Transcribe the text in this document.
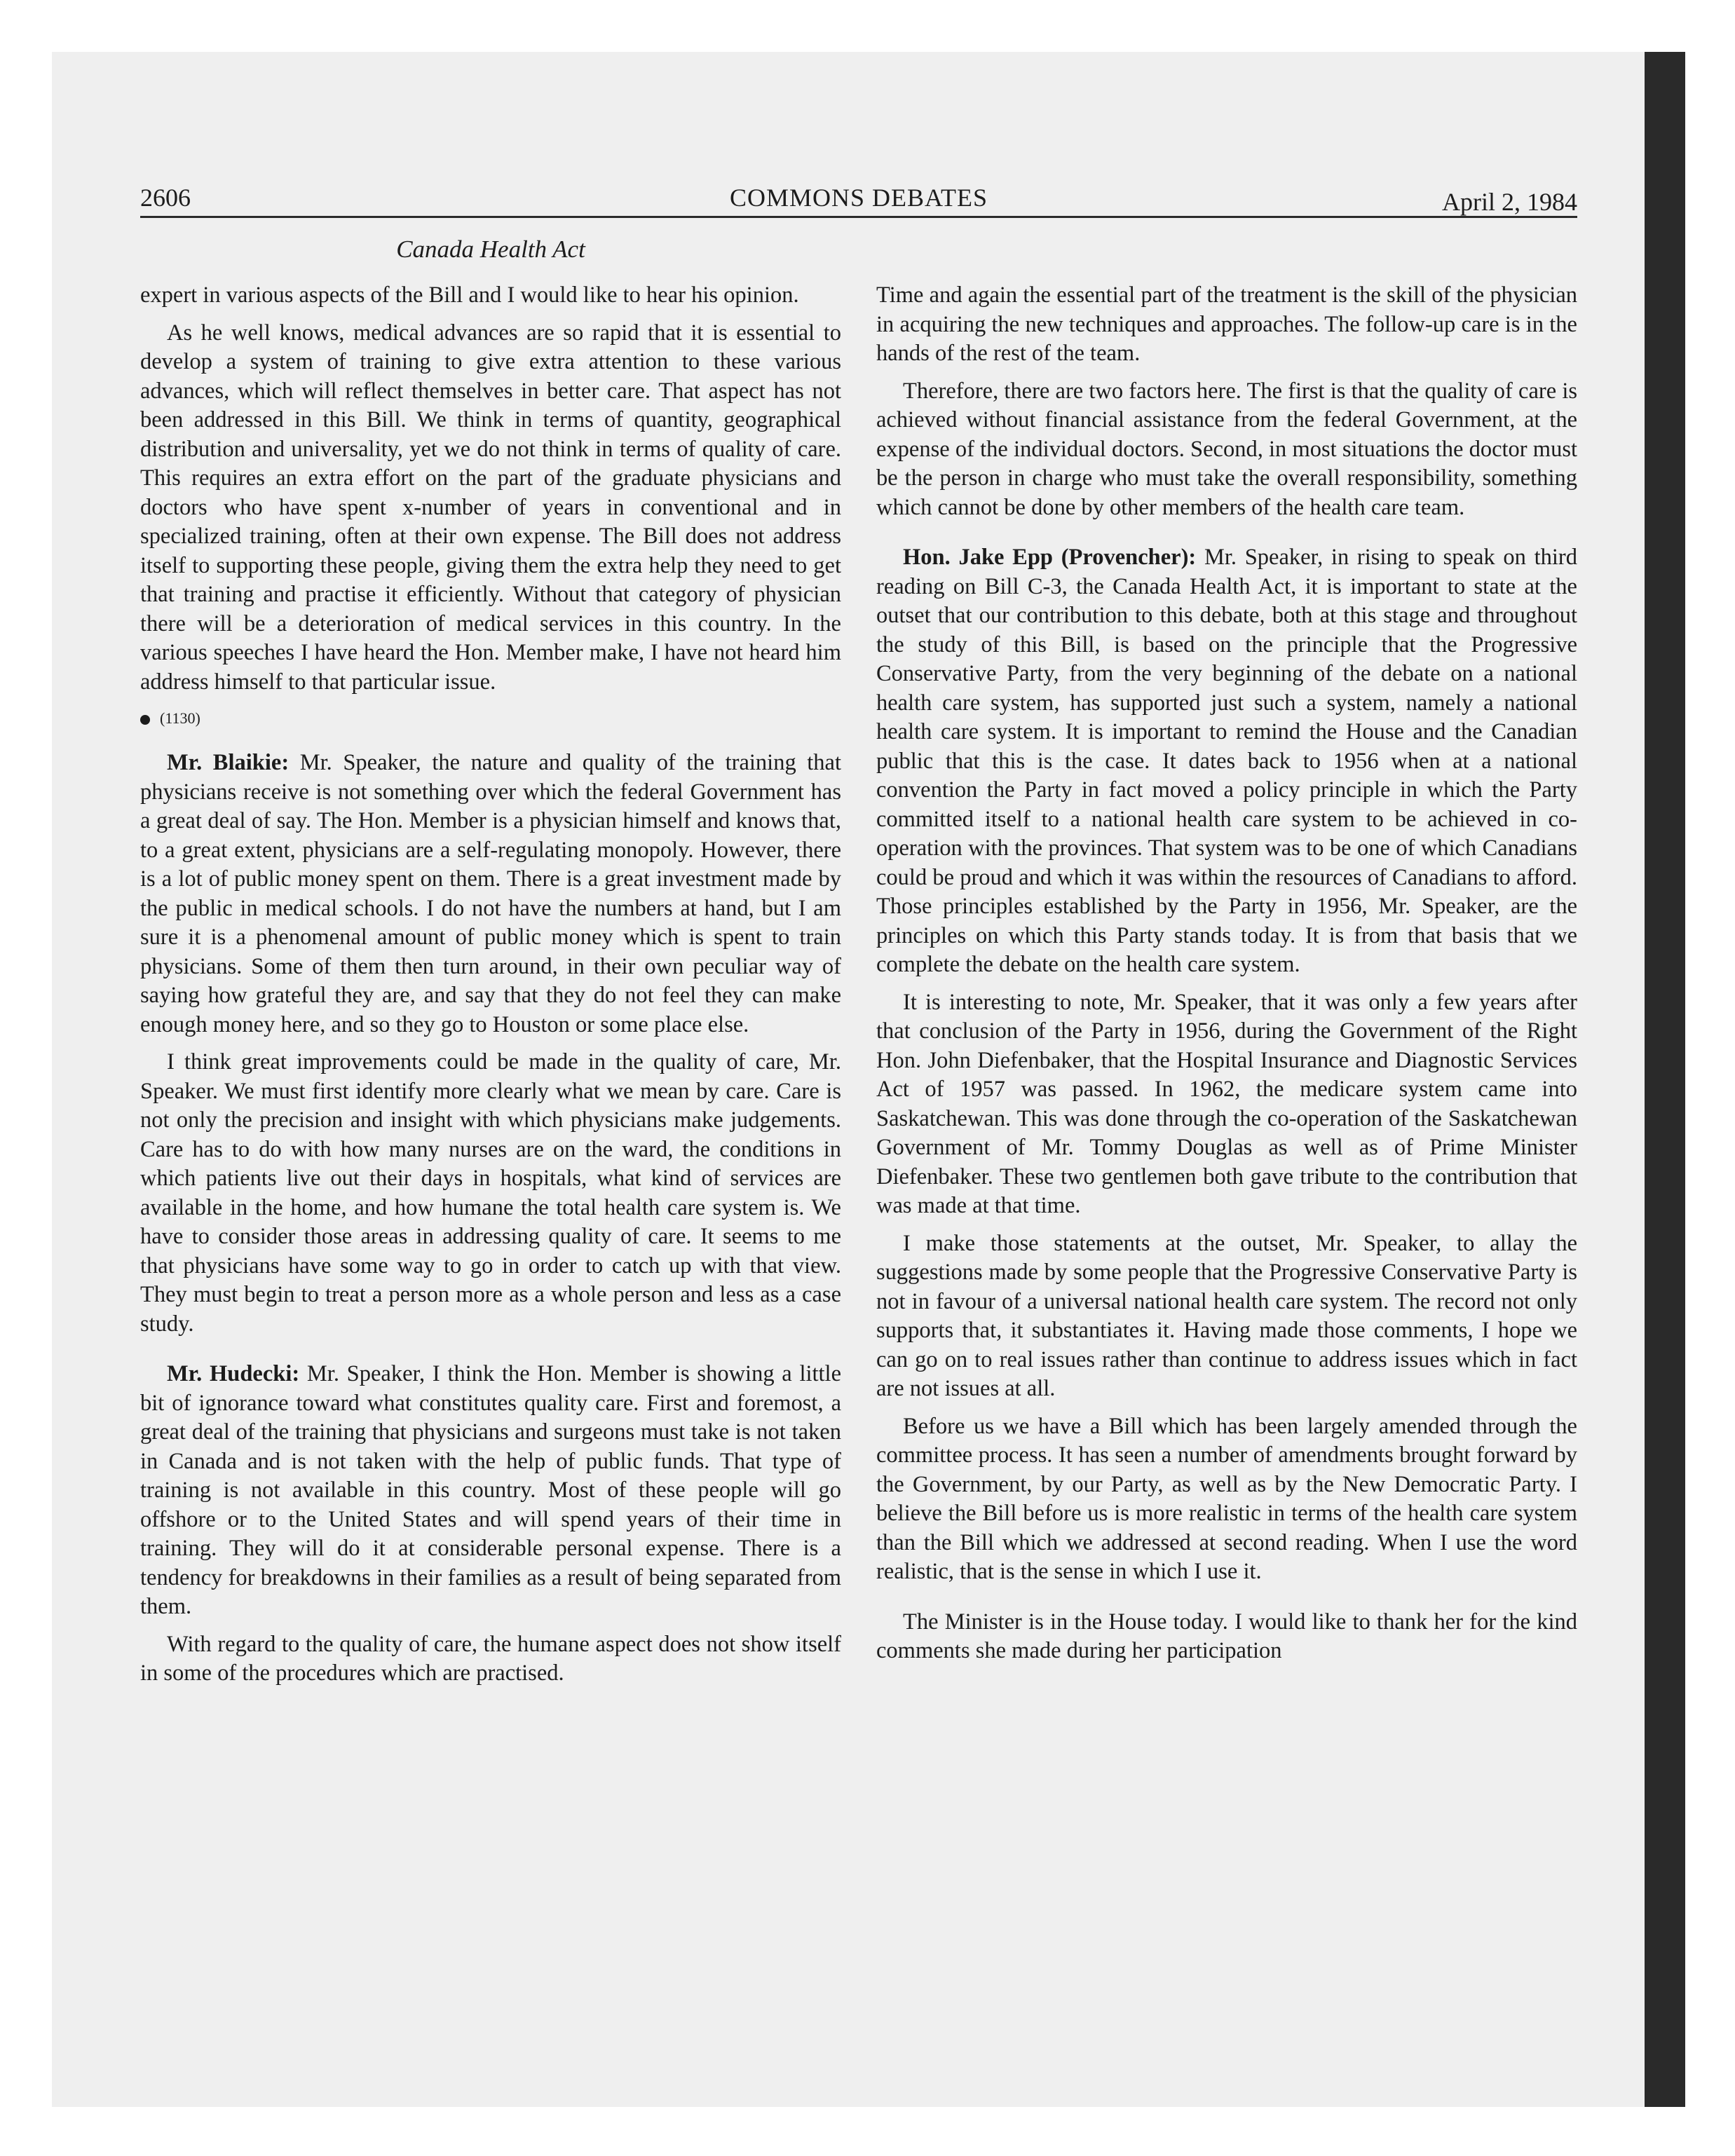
2606	COMMONS DEBATES	April 2, 1984
Canada Health Act

expert in various aspects of the Bill and I would like to hear his opinion.

As he well knows, medical advances are so rapid that it is essential to develop a system of training to give extra attention to these various advances, which will reflect themselves in better care. That aspect has not been addressed in this Bill. We think in terms of quantity, geographical distribution and universality, yet we do not think in terms of quality of care. This requires an extra effort on the part of the graduate physicians and doctors who have spent x-number of years in conventional and in specialized training, often at their own expense. The Bill does not address itself to supporting these people, giving them the extra help they need to get that training and practise it efficiently. Without that category of physician there will be a deterioration of medical services in this country. In the various speeches I have heard the Hon. Member make, I have not heard him address himself to that particular issue.

(1130)

Mr. Blaikie: Mr. Speaker, the nature and quality of the training that physicians receive is not something over which the federal Government has a great deal of say. The Hon. Member is a physician himself and knows that, to a great extent, physicians are a self-regulating monopoly. However, there is a lot of public money spent on them. There is a great investment made by the public in medical schools. I do not have the numbers at hand, but I am sure it is a phenomenal amount of public money which is spent to train physicians. Some of them then turn around, in their own peculiar way of saying how grateful they are, and say that they do not feel they can make enough money here, and so they go to Houston or some place else.

I think great improvements could be made in the quality of care, Mr. Speaker. We must first identify more clearly what we mean by care. Care is not only the precision and insight with which physicians make judgements. Care has to do with how many nurses are on the ward, the conditions in which patients live out their days in hospitals, what kind of services are available in the home, and how humane the total health care system is. We have to consider those areas in addressing quality of care. It seems to me that physicians have some way to go in order to catch up with that view. They must begin to treat a person more as a whole person and less as a case study.

Mr. Hudecki: Mr. Speaker, I think the Hon. Member is showing a little bit of ignorance toward what constitutes quality care. First and foremost, a great deal of the training that physicians and surgeons must take is not taken in Canada and is not taken with the help of public funds. That type of training is not available in this country. Most of these people will go offshore or to the United States and will spend years of their time in training. They will do it at considerable personal expense. There is a tendency for breakdowns in their families as a result of being separated from them.

With regard to the quality of care, the humane aspect does not show itself in some of the procedures which are practised.

Time and again the essential part of the treatment is the skill of the physician in acquiring the new techniques and approaches. The follow-up care is in the hands of the rest of the team.

Therefore, there are two factors here. The first is that the quality of care is achieved without financial assistance from the federal Government, at the expense of the individual doctors. Second, in most situations the doctor must be the person in charge who must take the overall responsibility, something which cannot be done by other members of the health care team.

Hon. Jake Epp (Provencher): Mr. Speaker, in rising to speak on third reading on Bill C-3, the Canada Health Act, it is important to state at the outset that our contribution to this debate, both at this stage and throughout the study of this Bill, is based on the principle that the Progressive Conservative Party, from the very beginning of the debate on a national health care system, has supported just such a system, namely a national health care system. It is important to remind the House and the Canadian public that this is the case. It dates back to 1956 when at a national convention the Party in fact moved a policy principle in which the Party committed itself to a national health care system to be achieved in co-operation with the provinces. That system was to be one of which Canadians could be proud and which it was within the resources of Canadians to afford. Those principles established by the Party in 1956, Mr. Speaker, are the principles on which this Party stands today. It is from that basis that we complete the debate on the health care system.

It is interesting to note, Mr. Speaker, that it was only a few years after that conclusion of the Party in 1956, during the Government of the Right Hon. John Diefenbaker, that the Hospital Insurance and Diagnostic Services Act of 1957 was passed. In 1962, the medicare system came into Saskatchewan. This was done through the co-operation of the Saskatchewan Government of Mr. Tommy Douglas as well as of Prime Minister Diefenbaker. These two gentlemen both gave tribute to the contribution that was made at that time.

I make those statements at the outset, Mr. Speaker, to allay the suggestions made by some people that the Progressive Conservative Party is not in favour of a universal national health care system. The record not only supports that, it substantiates it. Having made those comments, I hope we can go on to real issues rather than continue to address issues which in fact are not issues at all.

Before us we have a Bill which has been largely amended through the committee process. It has seen a number of amendments brought forward by the Government, by our Party, as well as by the New Democratic Party. I believe the Bill before us is more realistic in terms of the health care system than the Bill which we addressed at second reading. When I use the word realistic, that is the sense in which I use it.

The Minister is in the House today. I would like to thank her for the kind comments she made during her participation
